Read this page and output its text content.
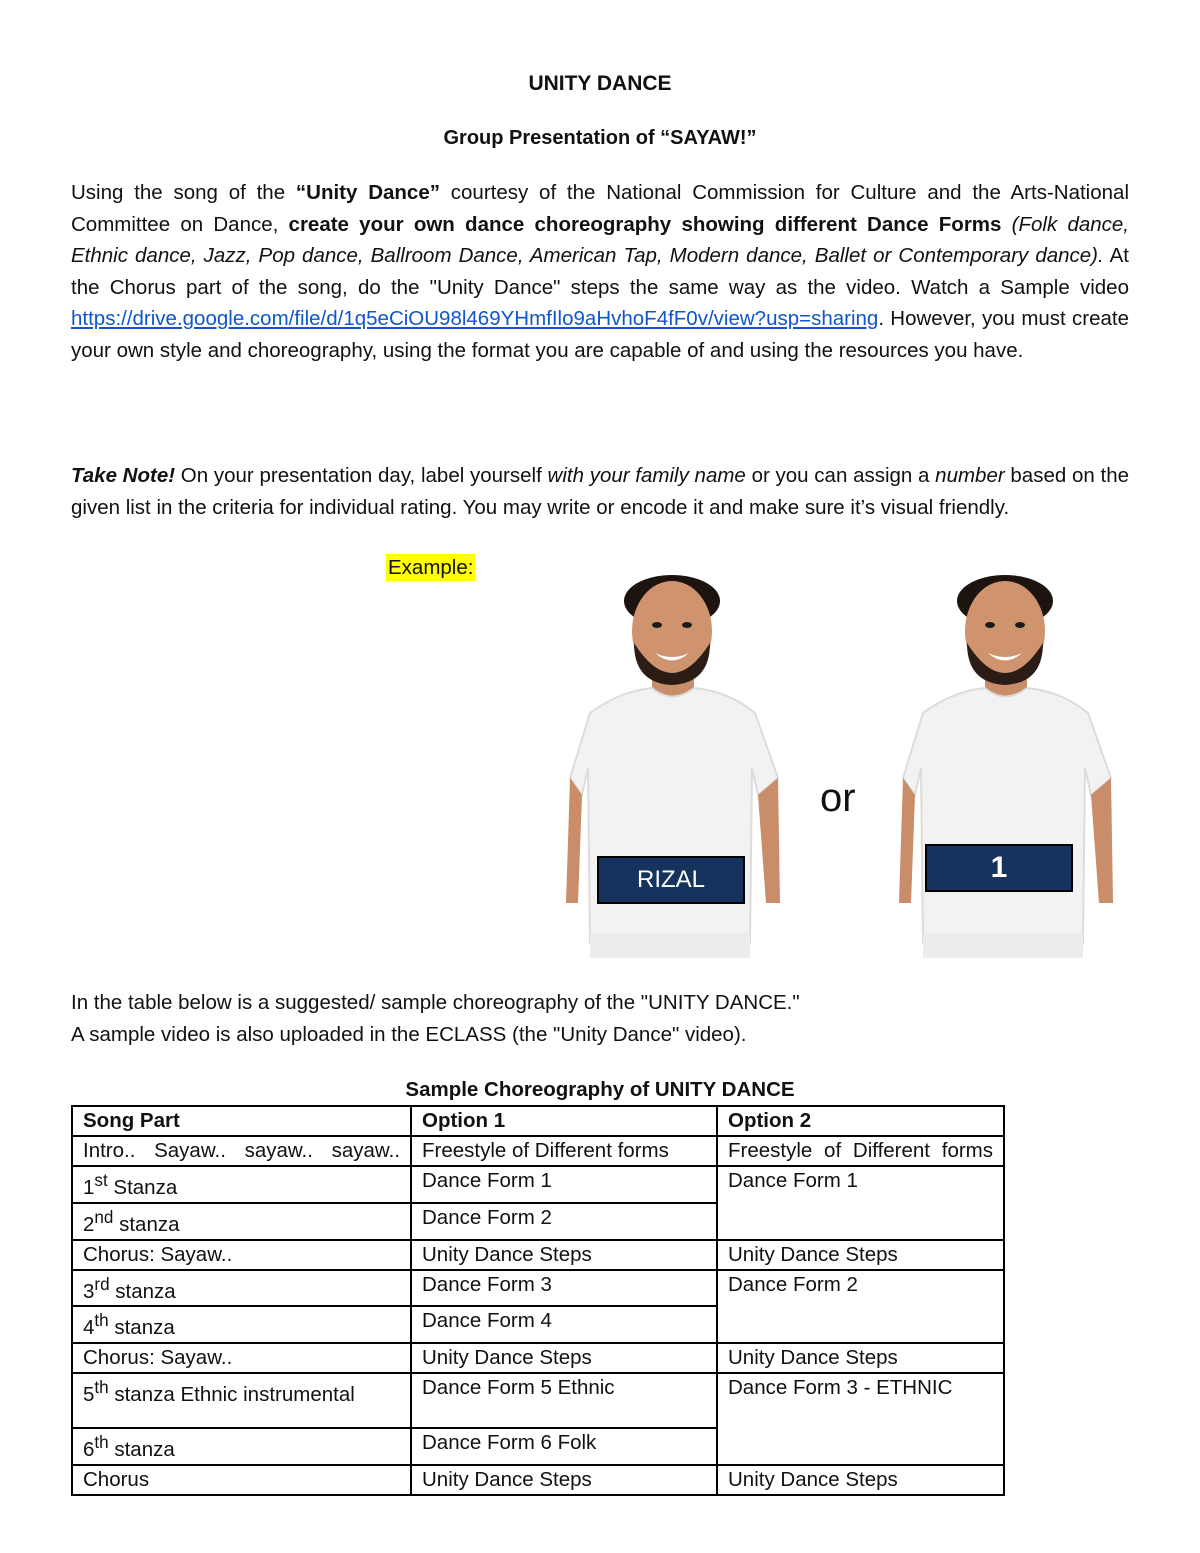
UNITY DANCE
Group Presentation of “SAYAW!”
Using the song of the “Unity Dance” courtesy of the National Commission for Culture and the Arts-National Committee on Dance, create your own dance choreography showing different Dance Forms (Folk dance, Ethnic dance, Jazz, Pop dance, Ballroom Dance, American Tap, Modern dance, Ballet or Contemporary dance). At the Chorus part of the song, do the "Unity Dance" steps the same way as the video. Watch a Sample video https://drive.google.com/file/d/1q5eCiOU98l469YHmfIlo9aHvhoF4fF0v/view?usp=sharing. However, you must create your own style and choreography, using the format you are capable of and using the resources you have.
Take Note! On your presentation day, label yourself with your family name or you can assign a number based on the given list in the criteria for individual rating. You may write or encode it and make sure it’s visual friendly.
Example:
RIZAL
or
1
In the table below is a suggested/ sample choreography of the "UNITY DANCE."
A sample video is also uploaded in the ECLASS (the "Unity Dance" video).
Sample Choreography of UNITY DANCE
Song Part	Option 1	Option 2
Intro.. Sayaw.. sayaw.. sayaw..	Freestyle of Different forms	Freestyle of Different forms
1st Stanza	Dance Form 1	Dance Form 1
2nd stanza	Dance Form 2	
Chorus: Sayaw..	Unity Dance Steps	Unity Dance Steps
3rd stanza	Dance Form 3	Dance Form 2
4th stanza	Dance Form 4	
Chorus: Sayaw..	Unity Dance Steps	Unity Dance Steps
5th stanza Ethnic instrumental	Dance Form 5 Ethnic	Dance Form 3 - ETHNIC
6th stanza	Dance Form 6 Folk	
Chorus	Unity Dance Steps	Unity Dance Steps
